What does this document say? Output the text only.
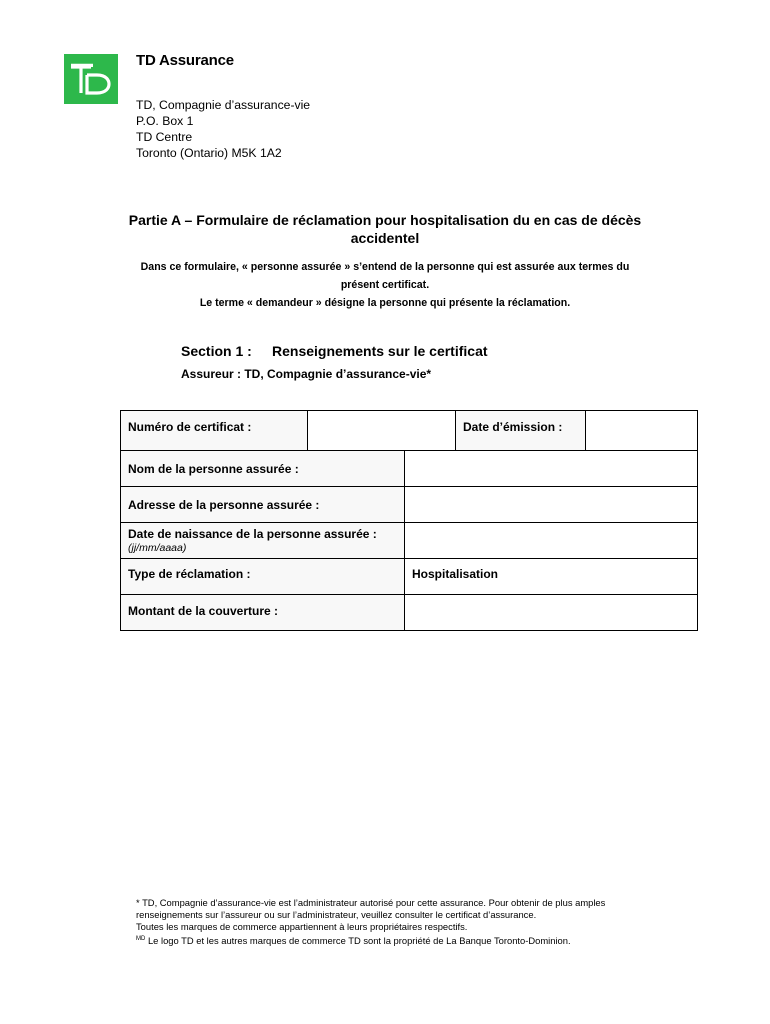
TD Assurance
TD, Compagnie d’assurance-vie
P.O. Box 1
TD Centre
Toronto (Ontario) M5K 1A2
Partie A – Formulaire de réclamation pour hospitalisation du en cas de décès
accidentel
Dans ce formulaire, « personne assurée » s’entend de la personne qui est assurée aux termes du
présent certificat.
Le terme « demandeur » désigne la personne qui présente la réclamation.
Section 1 : Renseignements sur le certificat
Assureur : TD, Compagnie d’assurance-vie*
Numéro de certificat :	Date d’émission :
Nom de la personne assurée :
Adresse de la personne assurée :
Date de naissance de la personne assurée :
(jj/mm/aaaa)
Type de réclamation :	Hospitalisation
Montant de la couverture :
* TD, Compagnie d’assurance-vie est l’administrateur autorisé pour cette assurance. Pour obtenir de plus amples
renseignements sur l’assureur ou sur l’administrateur, veuillez consulter le certificat d’assurance.
Toutes les marques de commerce appartiennent à leurs propriétaires respectifs.
$^{MD}$ Le logo TD et les autres marques de commerce TD sont la propriété de La Banque Toronto-Dominion.
